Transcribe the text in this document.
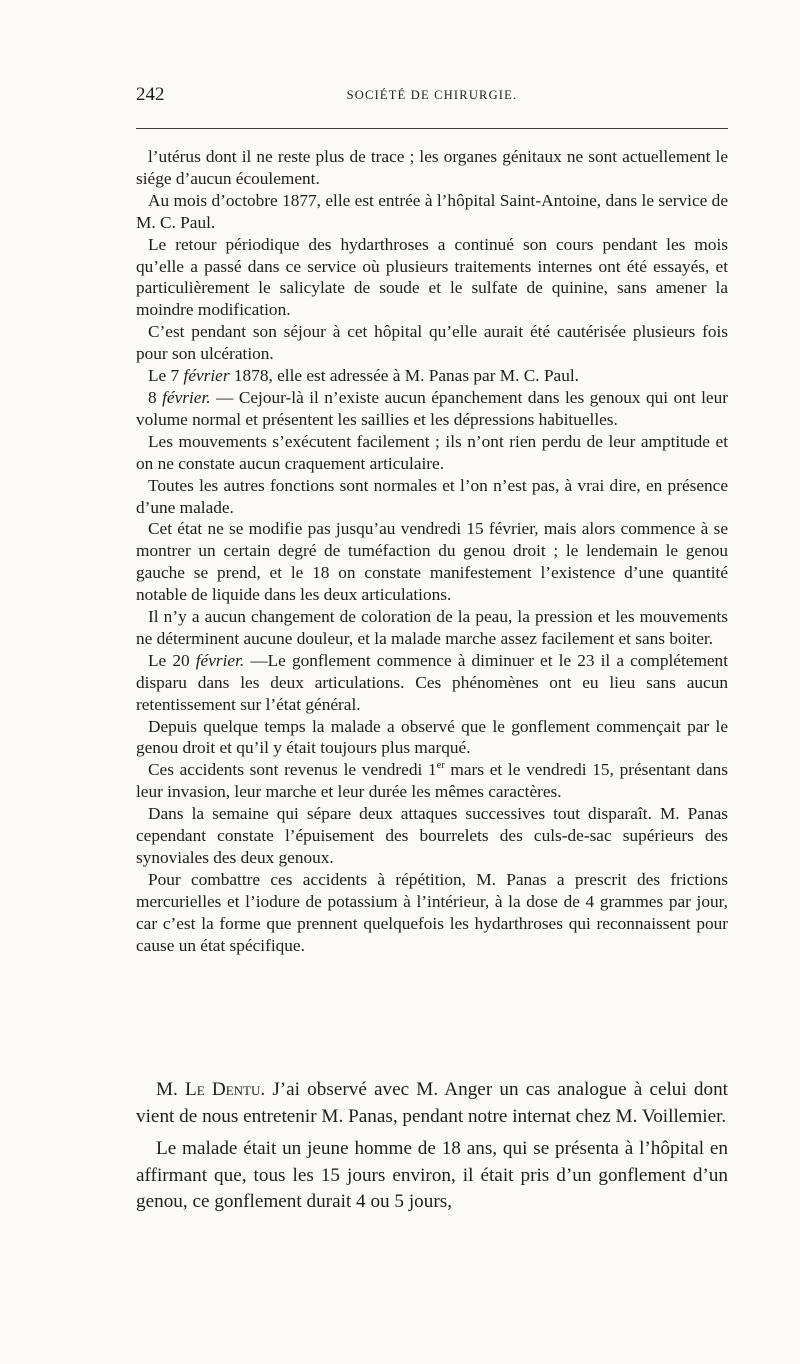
242	SOCIÉTÉ DE CHIRURGIE.

l’utérus dont il ne reste plus de trace ; les organes génitaux ne sont actuellement le siége d’aucun écoulement.

Au mois d’octobre 1877, elle est entrée à l’hôpital Saint-Antoine, dans le service de M. C. Paul.

Le retour périodique des hydarthroses a continué son cours pendant les mois qu’elle a passé dans ce service où plusieurs traitements internes ont été essayés, et particulièrement le salicylate de soude et le sulfate de quinine, sans amener la moindre modification.

C’est pendant son séjour à cet hôpital qu’elle aurait été cautérisée plusieurs fois pour son ulcération.

Le 7 février 1878, elle est adressée à M. Panas par M. C. Paul.

8 février. — Cejour-là il n’existe aucun épanchement dans les genoux qui ont leur volume normal et présentent les saillies et les dépressions habituelles.

Les mouvements s’exécutent facilement ; ils n’ont rien perdu de leur amptitude et on ne constate aucun craquement articulaire.

Toutes les autres fonctions sont normales et l’on n’est pas, à vrai dire, en présence d’une malade.

Cet état ne se modifie pas jusqu’au vendredi 15 février, mais alors commence à se montrer un certain degré de tuméfaction du genou droit ; le lendemain le genou gauche se prend, et le 18 on constate manifestement l’existence d’une quantité notable de liquide dans les deux articulations.

Il n’y a aucun changement de coloration de la peau, la pression et les mouvements ne déterminent aucune douleur, et la malade marche assez facilement et sans boiter.

Le 20 février. —Le gonflement commence à diminuer et le 23 il a complétement disparu dans les deux articulations. Ces phénomènes ont eu lieu sans aucun retentissement sur l’état général.

Depuis quelque temps la malade a observé que le gonflement commençait par le genou droit et qu’il y était toujours plus marqué.

Ces accidents sont revenus le vendredi 1er mars et le vendredi 15, présentant dans leur invasion, leur marche et leur durée les mêmes caractères.

Dans la semaine qui sépare deux attaques successives tout disparaît. M. Panas cependant constate l’épuisement des bourrelets des culs-de-sac supérieurs des synoviales des deux genoux.

Pour combattre ces accidents à répétition, M. Panas a prescrit des frictions mercurielles et l’iodure de potassium à l’intérieur, à la dose de 4 grammes par jour, car c’est la forme que prennent quelquefois les hydarthroses qui reconnaissent pour cause un état spécifique.

M. Le Dentu. J’ai observé avec M. Anger un cas analogue à celui dont vient de nous entretenir M. Panas, pendant notre internat chez M. Voillemier.

Le malade était un jeune homme de 18 ans, qui se présenta à l’hôpital en affirmant que, tous les 15 jours environ, il était pris d’un gonflement d’un genou, ce gonflement durait 4 ou 5 jours,
